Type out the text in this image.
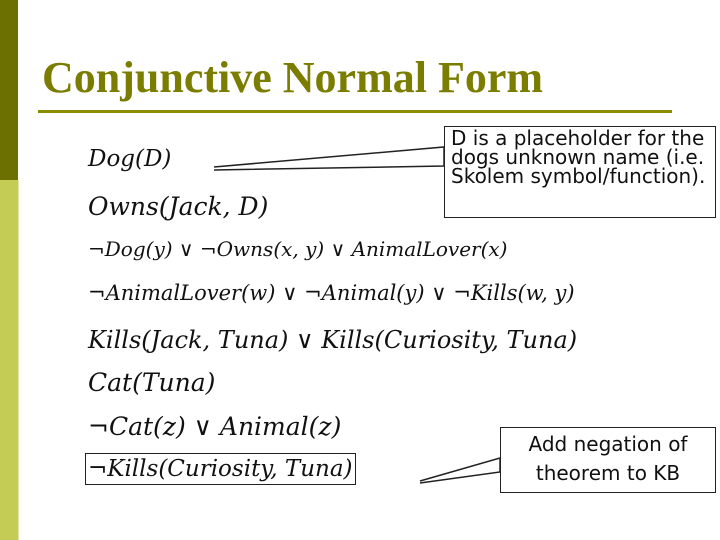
Conjunctive Normal Form
Dog(D)
Owns(Jack, D)
¬Dog(y) ∨ ¬Owns(x, y) ∨ AnimalLover(x)
¬AnimalLover(w) ∨ ¬Animal(y) ∨ ¬Kills(w, y)
Kills(Jack, Tuna) ∨ Kills(Curiosity, Tuna)
Cat(Tuna)
¬Cat(z) ∨ Animal(z)
¬Kills(Curiosity, Tuna)
D is a placeholder for the dogs unknown name (i.e. Skolem symbol/function).
Add negation of theorem to KB
